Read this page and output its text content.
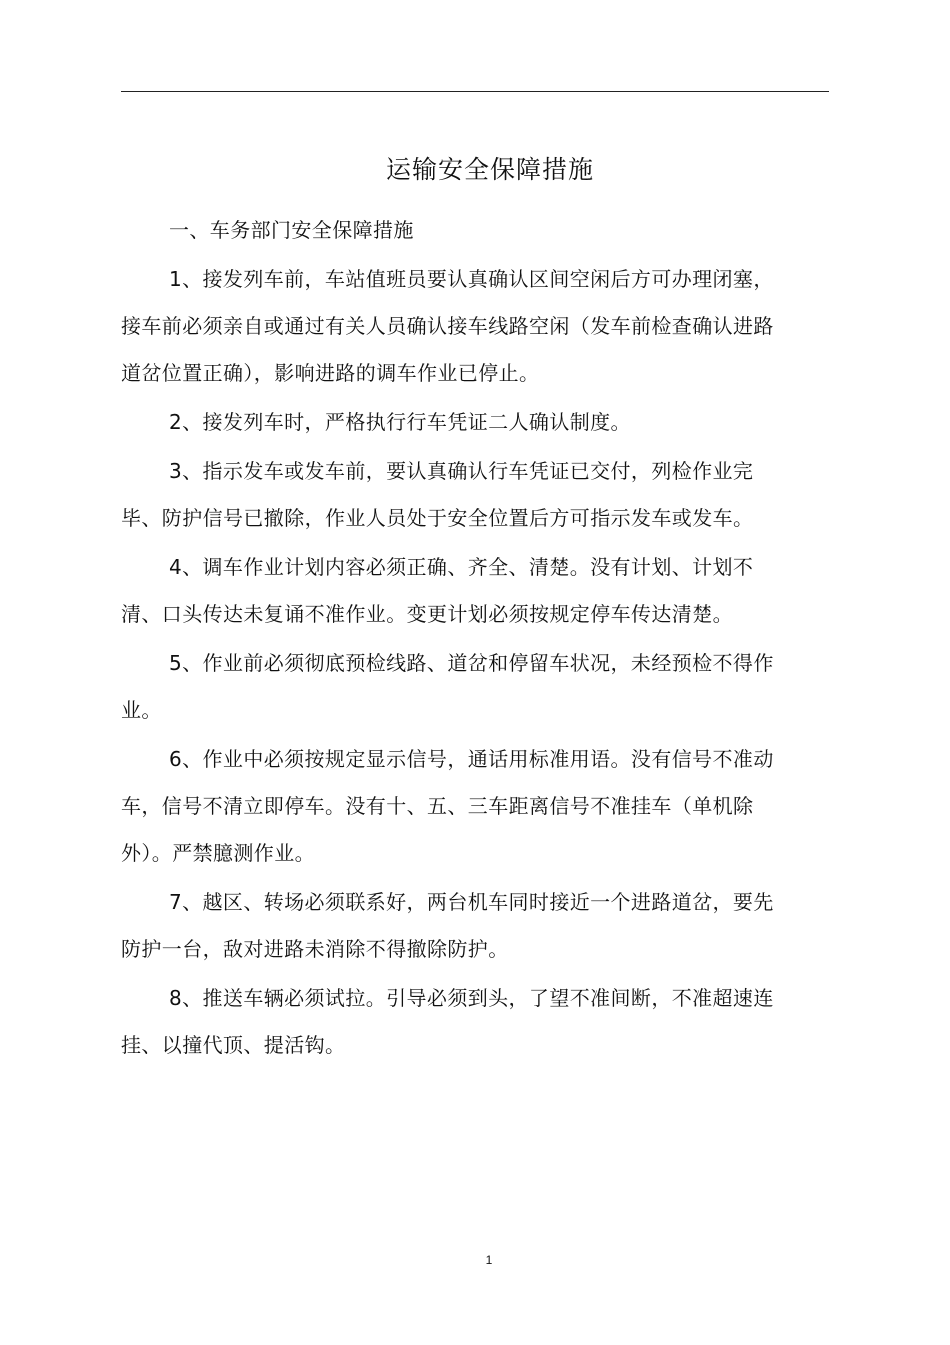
运输安全保障措施

一、车务部门安全保障措施

1、接发列车前，车站值班员要认真确认区间空闲后方可办理闭塞，接车前必须亲自或通过有关人员确认接车线路空闲（发车前检查确认进路道岔位置正确），影响进路的调车作业已停止。

2、接发列车时，严格执行行车凭证二人确认制度。

3、指示发车或发车前，要认真确认行车凭证已交付，列检作业完毕、防护信号已撤除，作业人员处于安全位置后方可指示发车或发车。

4、调车作业计划内容必须正确、齐全、清楚。没有计划、计划不清、口头传达未复诵不准作业。变更计划必须按规定停车传达清楚。

5、作业前必须彻底预检线路、道岔和停留车状况，未经预检不得作业。

6、作业中必须按规定显示信号，通话用标准用语。没有信号不准动车，信号不清立即停车。没有十、五、三车距离信号不准挂车（单机除外）。严禁臆测作业。

7、越区、转场必须联系好，两台机车同时接近一个进路道岔，要先防护一台，敌对进路未消除不得撤除防护。

8、推送车辆必须试拉。引导必须到头，了望不准间断，不准超速连挂、以撞代顶、提活钩。

1
